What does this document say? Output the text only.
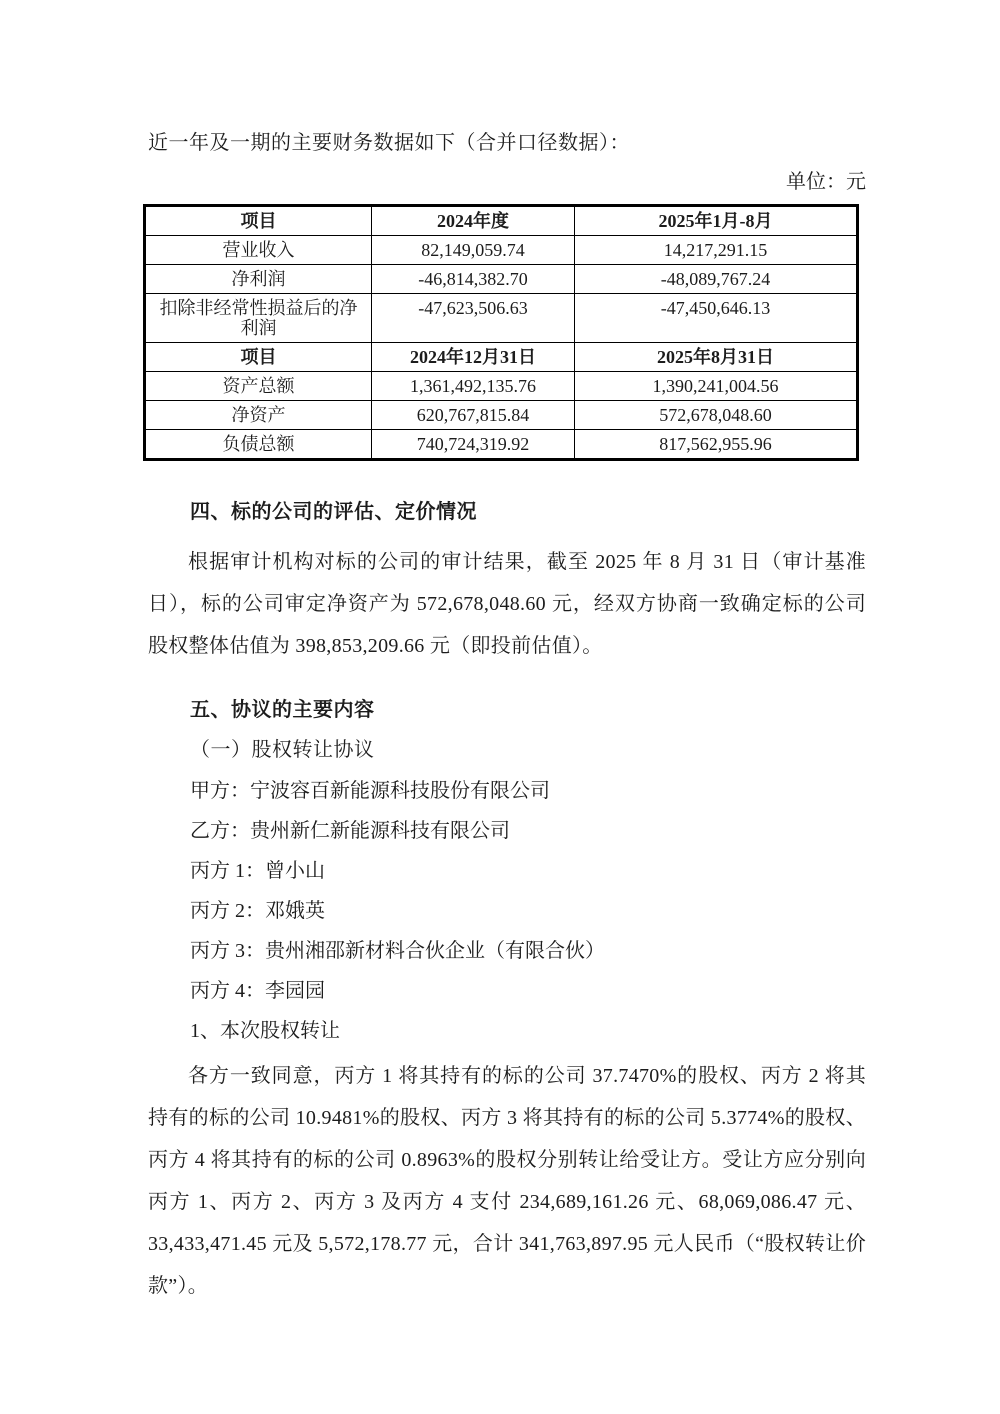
近一年及一期的主要财务数据如下（合并口径数据）：
单位：元
项目	2024年度	2025年1月-8月
营业收入	82,149,059.74	14,217,291.15
净利润	-46,814,382.70	-48,089,767.24
扣除非经常性损益后的净利润	-47,623,506.63	-47,450,646.13
项目	2024年12月31日	2025年8月31日
资产总额	1,361,492,135.76	1,390,241,004.56
净资产	620,767,815.84	572,678,048.60
负债总额	740,724,319.92	817,562,955.96
四、标的公司的评估、定价情况
根据审计机构对标的公司的审计结果，截至 2025 年 8 月 31 日（审计基准日），标的公司审定净资产为 572,678,048.60 元，经双方协商一致确定标的公司股权整体估值为 398,853,209.66 元（即投前估值）。
五、协议的主要内容
（一）股权转让协议
甲方：宁波容百新能源科技股份有限公司
乙方：贵州新仁新能源科技有限公司
丙方 1：曾小山
丙方 2：邓娥英
丙方 3：贵州湘邵新材料合伙企业（有限合伙）
丙方 4：李园园
1、本次股权转让
各方一致同意，丙方 1 将其持有的标的公司 37.7470%的股权、丙方 2 将其持有的标的公司 10.9481%的股权、丙方 3 将其持有的标的公司 5.3774%的股权、丙方 4 将其持有的标的公司 0.8963%的股权分别转让给受让方。受让方应分别向丙方 1、丙方 2、丙方 3 及丙方 4 支付 234,689,161.26 元、68,069,086.47 元、33,433,471.45 元及 5,572,178.77 元，合计 341,763,897.95 元人民币（“股权转让价款”）。
